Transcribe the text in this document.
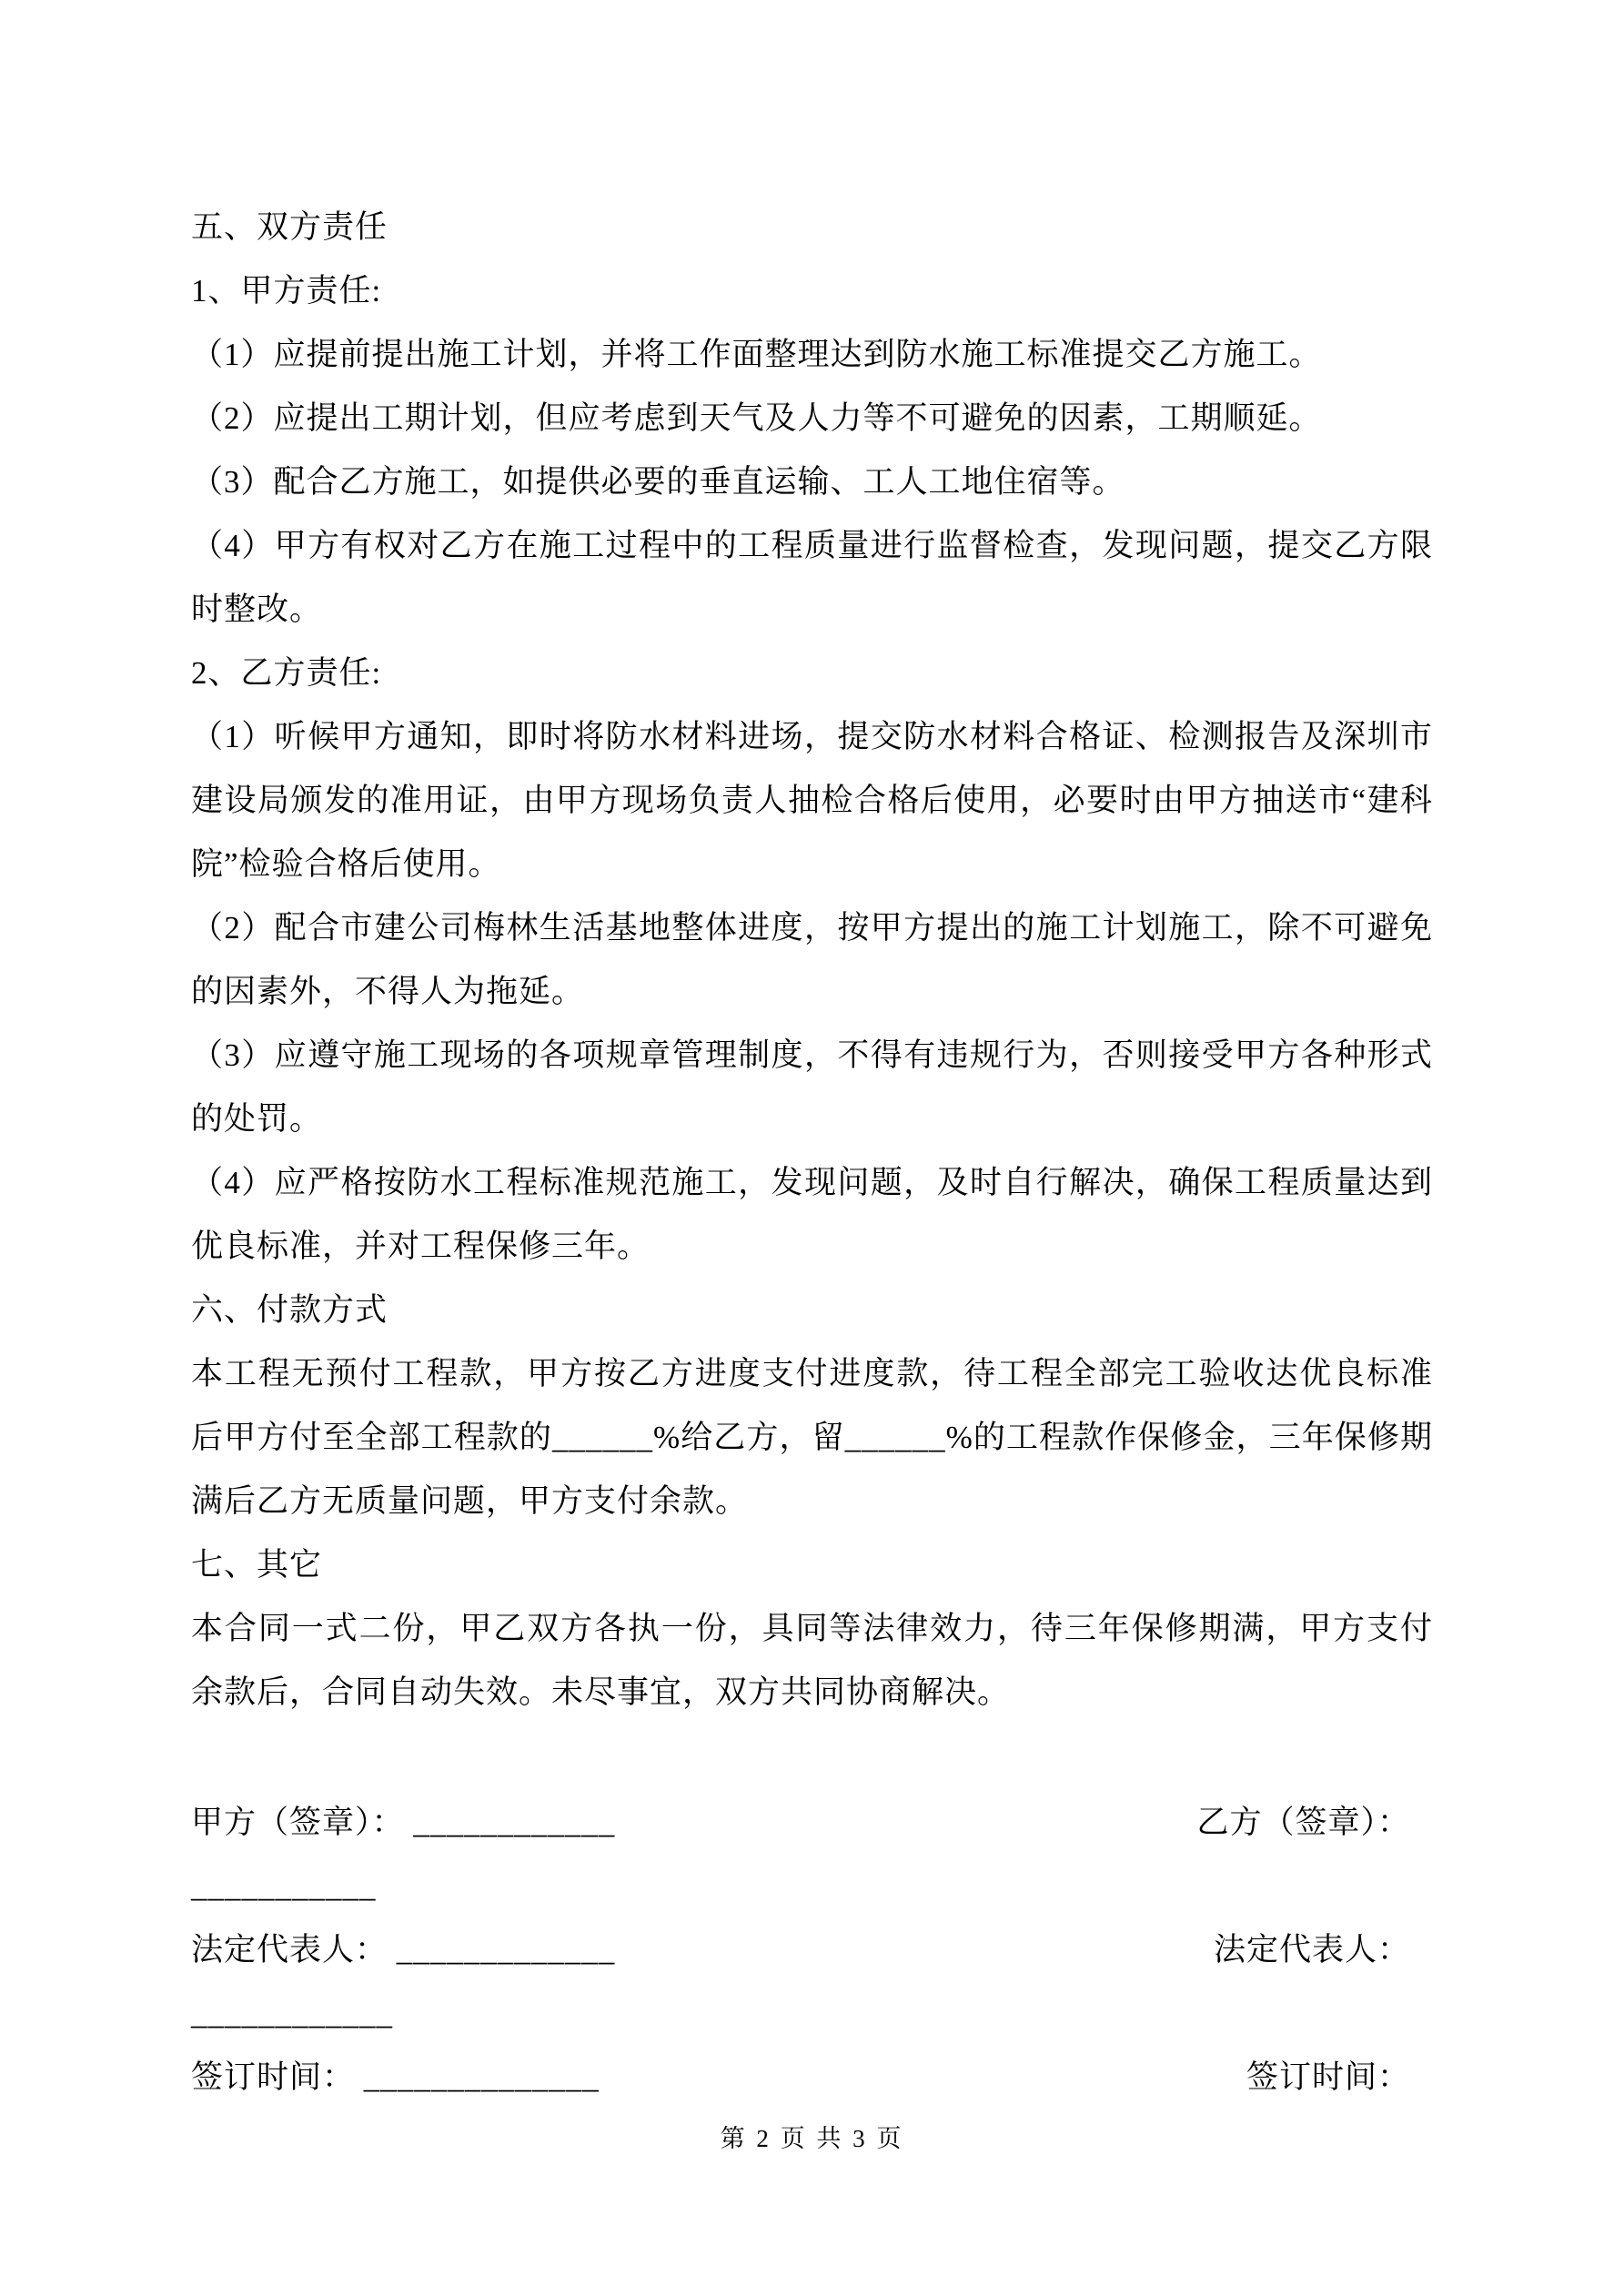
五、双方责任

1、甲方责任:

（1）应提前提出施工计划，并将工作面整理达到防水施工标准提交乙方施工。

（2）应提出工期计划，但应考虑到天气及人力等不可避免的因素，工期顺延。

（3）配合乙方施工，如提供必要的垂直运输、工人工地住宿等。

（4）甲方有权对乙方在施工过程中的工程质量进行监督检查，发现问题，提交乙方限时整改。

2、乙方责任:

（1）听候甲方通知，即时将防水材料进场，提交防水材料合格证、检测报告及深圳市建设局颁发的准用证，由甲方现场负责人抽检合格后使用，必要时由甲方抽送市“建科院”检验合格后使用。

（2）配合市建公司梅林生活基地整体进度，按甲方提出的施工计划施工，除不可避免的因素外，不得人为拖延。

（3）应遵守施工现场的各项规章管理制度，不得有违规行为，否则接受甲方各种形式的处罚。

（4）应严格按防水工程标准规范施工，发现问题，及时自行解决，确保工程质量达到优良标准，并对工程保修三年。

六、付款方式

本工程无预付工程款，甲方按乙方进度支付进度款，待工程全部完工验收达优良标准后甲方付至全部工程款的______%给乙方，留______%的工程款作保修金，三年保修期满后乙方无质量问题，甲方支付余款。

七、其它

本合同一式二份，甲乙双方各执一份，具同等法律效力，待三年保修期满，甲方支付余款后，合同自动失效。未尽事宜，双方共同协商解决。

甲方（签章）： ____________	乙方（签章）：
___________
法定代表人： _____________	法定代表人：
____________
签订时间： ______________	签订时间：
第 2 页 共 3 页
